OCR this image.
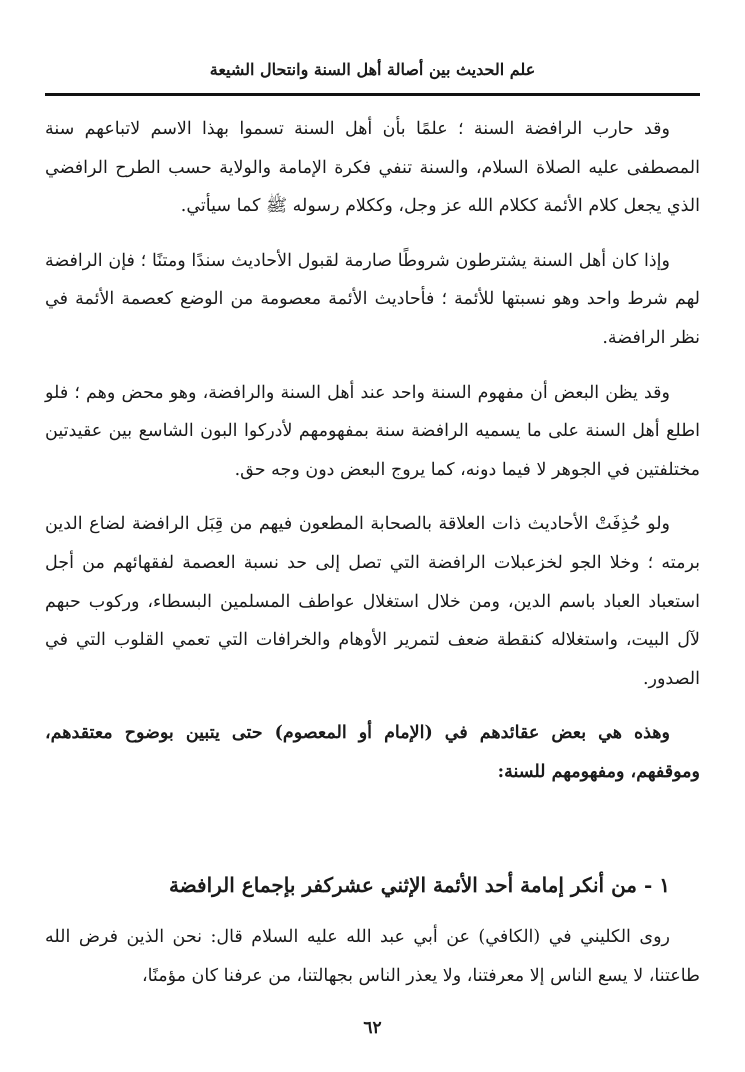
علم الحديث بين أصالة أهل السنة وانتحال الشيعة

وقد حارب الرافضة السنة ؛ علمًا بأن أهل السنة تسموا بهذا الاسم لاتباعهم سنة المصطفى عليه الصلاة السلام، والسنة تنفي فكرة الإمامة والولاية حسب الطرح الرافضي الذي يجعل كلام الأئمة ككلام الله عز وجل، وككلام رسوله ﷺ كما سيأتي.

وإذا كان أهل السنة يشترطون شروطًا صارمة لقبول الأحاديث سندًا ومتنًا ؛ فإن الرافضة لهم شرط واحد وهو نسبتها للأئمة ؛ فأحاديث الأئمة معصومة من الوضع كعصمة الأئمة في نظر الرافضة.

وقد يظن البعض أن مفهوم السنة واحد عند أهل السنة والرافضة، وهو محض وهم ؛ فلو اطلع أهل السنة على ما يسميه الرافضة سنة بمفهومهم لأدركوا البون الشاسع بين عقيدتين مختلفتين في الجوهر لا فيما دونه، كما يروج البعض دون وجه حق.

ولو حُذِفَتْ الأحاديث ذات العلاقة بالصحابة المطعون فيهم من قِبَل الرافضة لضاع الدين برمته ؛ وخلا الجو لخزعبلات الرافضة التي تصل إلى حد نسبة العصمة لفقهائهم من أجل استعباد العباد باسم الدين، ومن خلال استغلال عواطف المسلمين البسطاء، وركوب حبهم لآل البيت، واستغلاله كنقطة ضعف لتمرير الأوهام والخرافات التي تعمي القلوب التي في الصدور.

وهذه هي بعض عقائدهم في (الإمام أو المعصوم) حتى يتبين بوضوح معتقدهم، وموقفهم، ومفهومهم للسنة:

١ - من أنكر إمامة أحد الأئمة الإثني عشركفر بإجماع الرافضة

روى الكليني في (الكافي) عن أبي عبد الله عليه السلام قال: نحن الذين فرض الله طاعتنا، لا يسع الناس إلا معرفتنا، ولا يعذر الناس بجهالتنا، من عرفنا كان مؤمنًا،

٦٢
